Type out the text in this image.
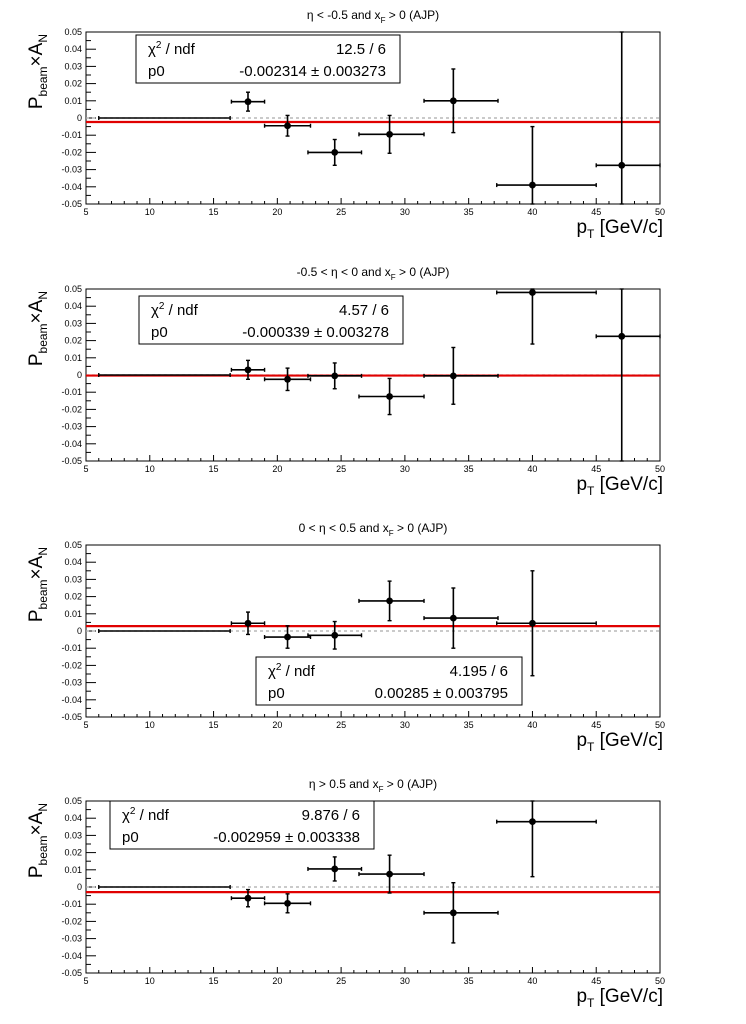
η < -0.5 and $x_F > 0$ (AJP)
-0.05
-0.04
-0.03
-0.02
-0.01
0
0.01
0.02
0.03
0.04
0.05
5	10	15	20	25	30	35	40	45	50
$\chi^2$ / ndf	12.5 / 6
p0	-0.002314 ± 0.003273
$P_{beam}\times A_N$
$p_T$ [GeV/c]
-0.5 < η < 0 and $x_F > 0$ (AJP)
-0.05
-0.04
-0.03
-0.02
-0.01
0
0.01
0.02
0.03
0.04
0.05
5	10	15	20	25	30	35	40	45	50
$\chi^2$ / ndf	4.57 / 6
p0	-0.000339 ± 0.003278
$P_{beam}\times A_N$
$p_T$ [GeV/c]
0 < η < 0.5 and $x_F > 0$ (AJP)
-0.05
-0.04
-0.03
-0.02
-0.01
0
0.01
0.02
0.03
0.04
0.05
5	10	15	20	25	30	35	40	45	50
$\chi^2$ / ndf	4.195 / 6
p0	0.00285 ± 0.003795
$P_{beam}\times A_N$
$p_T$ [GeV/c]
η > 0.5 and $x_F > 0$ (AJP)
-0.05
-0.04
-0.03
-0.02
-0.01
0
0.01
0.02
0.03
0.04
0.05
5	10	15	20	25	30	35	40	45	50
$\chi^2$ / ndf	9.876 / 6
p0	-0.002959 ± 0.003338
$P_{beam}\times A_N$
$p_T$ [GeV/c]
